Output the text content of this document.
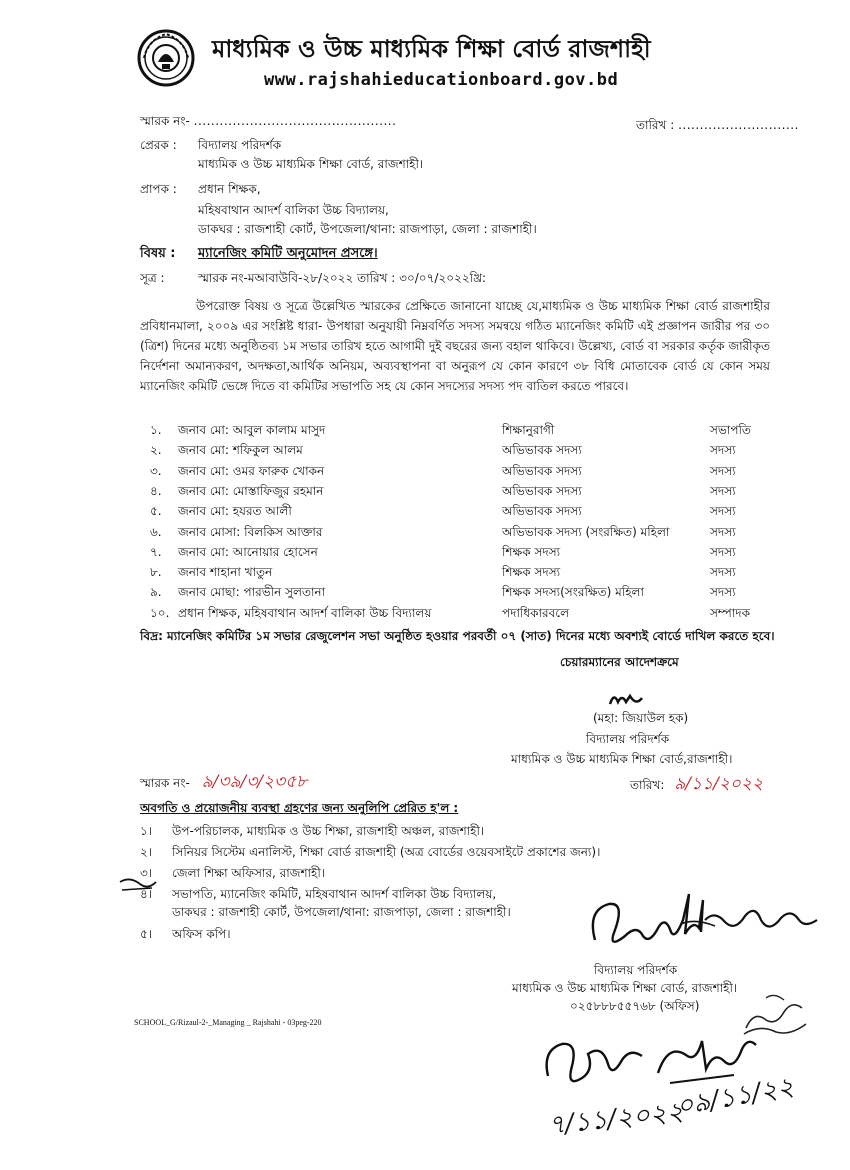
মাধ্যমিক ও উচ্চ মাধ্যমিক শিক্ষা বোর্ড রাজশাহী
www.rajshahieducationboard.gov.bd
স্মারক নং- ...............................................	তারিখ : ............................
প্রেরক : বিদ্যালয় পরিদর্শক
মাধ্যমিক ও উচ্চ মাধ্যমিক শিক্ষা বোর্ড, রাজশাহী।
প্রাপক : প্রধান শিক্ষক,
মহিষবাথান আদর্শ বালিকা উচ্চ বিদ্যালয়,
ডাকঘর : রাজশাহী কোর্ট, উপজেলা/থানা: রাজপাড়া, জেলা : রাজশাহী।
বিষয় : ম্যানেজিং কমিটি অনুমোদন প্রসঙ্গে।
সূত্র :	স্মারক নং-মআবাউবি-২৮/২০২২ তারিখ : ৩০/০৭/২০২২খ্রি:
উপরোক্ত বিষয় ও সূত্রে উল্লেখিত স্মারকের প্রেক্ষিতে জানানো যাচ্ছে যে,মাধ্যমিক ও উচ্চ মাধ্যমিক শিক্ষা বোর্ড রাজশাহীর প্রবিধানমালা, ২০০৯ এর সংশ্লিষ্ট ধারা- উপধারা অনুযায়ী নিম্নবর্ণিত সদস্য সমন্বয়ে গঠিত ম্যানেজিং কমিটি এই প্রজ্ঞাপন জারীর পর ৩০ (ত্রিশ) দিনের মধ্যে অনুষ্ঠিতব্য ১ম সভার তারিখ হতে আগামী দুই বছরের জন্য বহাল থাকিবে। উল্লেখ্য, বোর্ড বা সরকার কর্তৃক জারীকৃত নির্দেশনা অমান্যকরণ, অদক্ষতা,আর্থিক অনিয়ম, অব্যবস্থাপনা বা অনুরূপ যে কোন কারণে ৩৮ বিধি মোতাবেক বোর্ড যে কোন সময় ম্যানেজিং কমিটি ভেঙ্গে দিতে বা কমিটির সভাপতি সহ যে কোন সদস্যের সদস্য পদ বাতিল করতে পারবে।
১. জনাব মো: আবুল কালাম মাসুদ	শিক্ষানুরাগী	সভাপতি
২. জনাব মো: শফিকুল আলম	অভিভাবক সদস্য	সদস্য
৩. জনাব মো: ওমর ফারুক খোকন	অভিভাবক সদস্য	সদস্য
৪. জনাব মো: মোস্তাফিজুর রহমান	অভিভাবক সদস্য	সদস্য
৫. জনাব মো: হযরত আলী	অভিভাবক সদস্য	সদস্য
৬. জনাব মোসা: বিলকিস আক্তার	অভিভাবক সদস্য (সংরক্ষিত) মহিলা	সদস্য
৭. জনাব মো: আনোয়ার হোসেন	শিক্ষক সদস্য	সদস্য
৮. জনাব শাহানা খাতুন	শিক্ষক সদস্য	সদস্য
৯. জনাব মোছা: পারভীন সুলতানা	শিক্ষক সদস্য(সংরক্ষিত) মহিলা	সদস্য
১০. প্রধান শিক্ষক, মহিষবাথান আদর্শ বালিকা উচ্চ বিদ্যালয়	পদাধিকারবলে	সম্পাদক
বিদ্র: ম্যানেজিং কমিটির ১ম সভার রেজুলেশন সভা অনুষ্ঠিত হওয়ার পরবর্তী ০৭ (সাত) দিনের মধ্যে অবশ্যই বোর্ডে দাখিল করতে হবে।
চেয়ারম্যানের আদেশক্রমে
(মহা: জিয়াউল হক)
বিদ্যালয় পরিদর্শক
মাধ্যমিক ও উচ্চ মাধ্যমিক শিক্ষা বোর্ড,রাজশাহী।
স্মারক নং- ৯/৩৯/৩/২৩৫৮	তারিখ: ৯/১১/২০২২
অবগতি ও প্রয়োজনীয় ব্যবস্থা গ্রহণের জন্য অনুলিপি প্রেরিত হ'ল :
১। উপ-পরিচালক, মাধ্যমিক ও উচ্চ শিক্ষা, রাজশাহী অঞ্চল, রাজশাহী।
২। সিনিয়র সিস্টেম এনালিস্ট, শিক্ষা বোর্ড রাজশাহী (অত্র বোর্ডের ওয়েবসাইটে প্রকাশের জন্য)।
৩। জেলা শিক্ষা অফিসার, রাজশাহী।
৪। সভাপতি, ম্যানেজিং কমিটি, মহিষবাথান আদর্শ বালিকা উচ্চ বিদ্যালয়,
ডাকঘর : রাজশাহী কোর্ট, উপজেলা/থানা: রাজপাড়া, জেলা : রাজশাহী।
৫। অফিস কপি।
বিদ্যালয় পরিদর্শক
মাধ্যমিক ও উচ্চ মাধ্যমিক শিক্ষা বোর্ড, রাজশাহী।
০২৫৮৮৮৫৫৭৬৮ (অফিস)
SCHOOL_G/Rizaul-2-_Managing _ Rajshahi - 03peg-220
৭/১১/২০২২
০৯/১১/২২
